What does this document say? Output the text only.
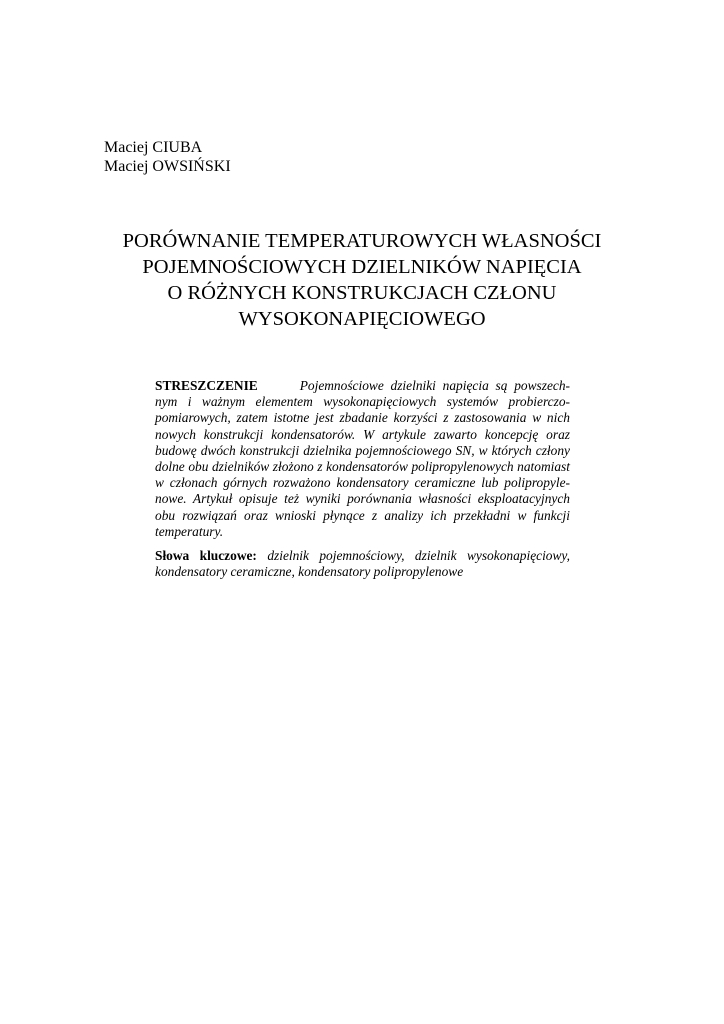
Maciej CIUBA
Maciej OWSIŃSKI
PORÓWNANIE TEMPERATUROWYCH WŁASNOŚCI
POJEMNOŚCIOWYCH DZIELNIKÓW NAPIĘCIA
O RÓŻNYCH KONSTRUKCJACH CZŁONU
WYSOKONAPIĘCIOWEGO
STRESZCZENIE	Pojemnościowe dzielniki napięcia są powszech-
nym i ważnym elementem wysokonapięciowych systemów probierczo-
pomiarowych, zatem istotne jest zbadanie korzyści z zastosowania w nich
nowych konstrukcji kondensatorów. W artykule zawarto koncepcję oraz
budowę dwóch konstrukcji dzielnika pojemnościowego SN, w których człony
dolne obu dzielników złożono z kondensatorów polipropylenowych natomiast
w członach górnych rozważono kondensatory ceramiczne lub polipropyle-
nowe. Artykuł opisuje też wyniki porównania własności eksploatacyjnych
obu rozwiązań oraz wnioski płynące z analizy ich przekładni w funkcji
temperatury.
Słowa kluczowe: dzielnik pojemnościowy, dzielnik wysokonapięciowy,
kondensatory ceramiczne, kondensatory polipropylenowe
